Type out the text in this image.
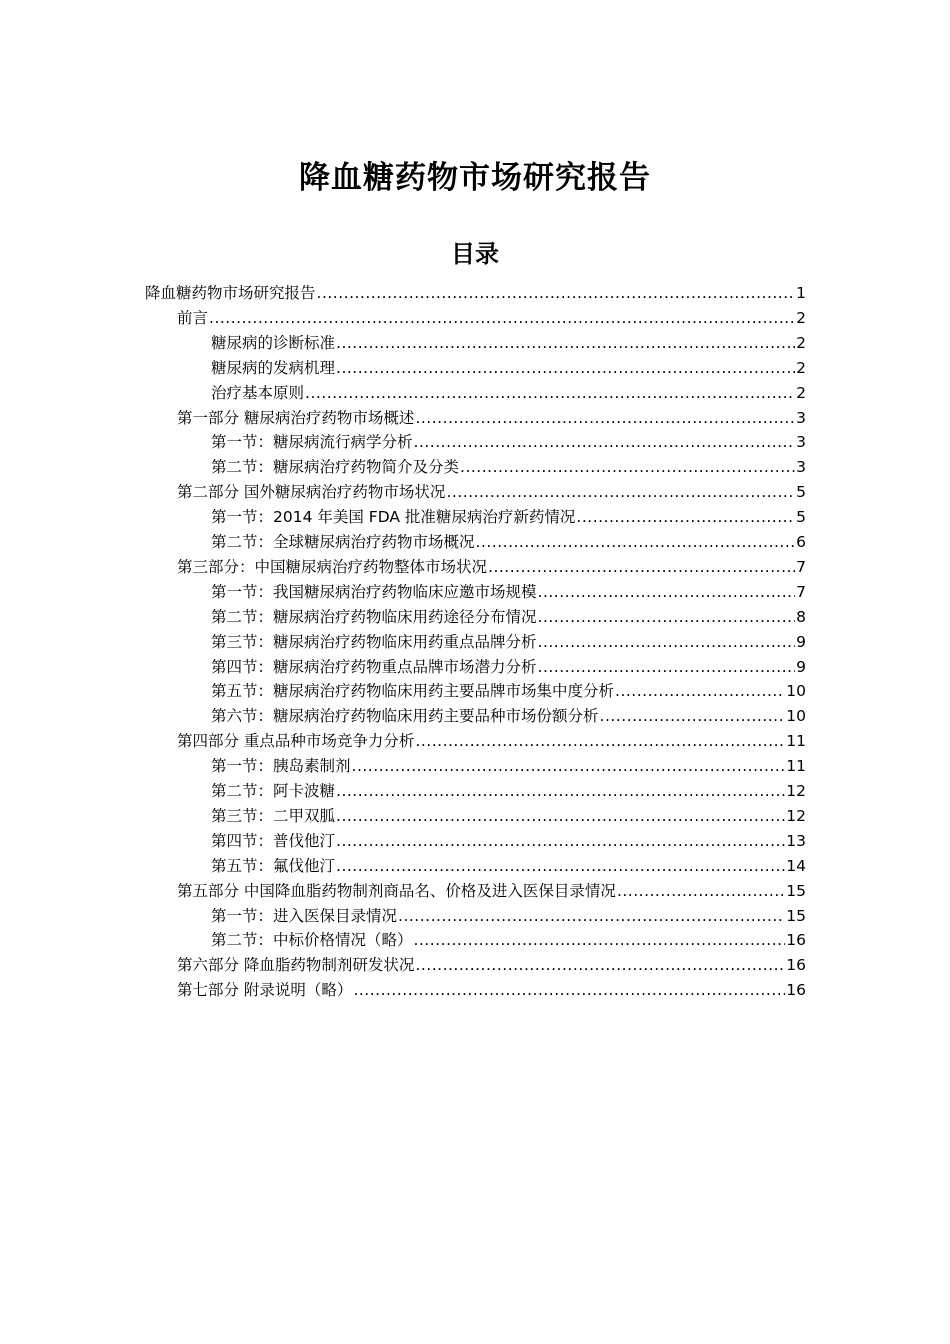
降血糖药物市场研究报告
目录
降血糖药物市场研究报告 .....	1
前言 .....	2
糖尿病的诊断标准 .....	2
糖尿病的发病机理 .....	2
治疗基本原则 .....	2
第一部分 糖尿病治疗药物市场概述 .....	3
第一节：糖尿病流行病学分析 .....	3
第二节：糖尿病治疗药物简介及分类 .....	3
第二部分 国外糖尿病治疗药物市场状况 .....	5
第一节：2014 年美国 FDA 批准糖尿病治疗新药情况 .....	5
第二节：全球糖尿病治疗药物市场概况 .....	6
第三部分：中国糖尿病治疗药物整体市场状况 .....	7
第一节：我国糖尿病治疗药物临床应邀市场规模 .....	7
第二节：糖尿病治疗药物临床用药途径分布情况 .....	8
第三节：糖尿病治疗药物临床用药重点品牌分析 .....	9
第四节：糖尿病治疗药物重点品牌市场潜力分析 .....	9
第五节：糖尿病治疗药物临床用药主要品牌市场集中度分析 .....	10
第六节：糖尿病治疗药物临床用药主要品种市场份额分析 .....	10
第四部分 重点品种市场竞争力分析 .....	11
第一节：胰岛素制剂 .....	11
第二节：阿卡波糖 .....	12
第三节：二甲双胍 .....	12
第四节：普伐他汀 .....	13
第五节：氟伐他汀 .....	14
第五部分 中国降血脂药物制剂商品名、价格及进入医保目录情况 .....	15
第一节：进入医保目录情况 .....	15
第二节：中标价格情况（略） .....	16
第六部分 降血脂药物制剂研发状况 .....	16
第七部分 附录说明（略） .....	16
